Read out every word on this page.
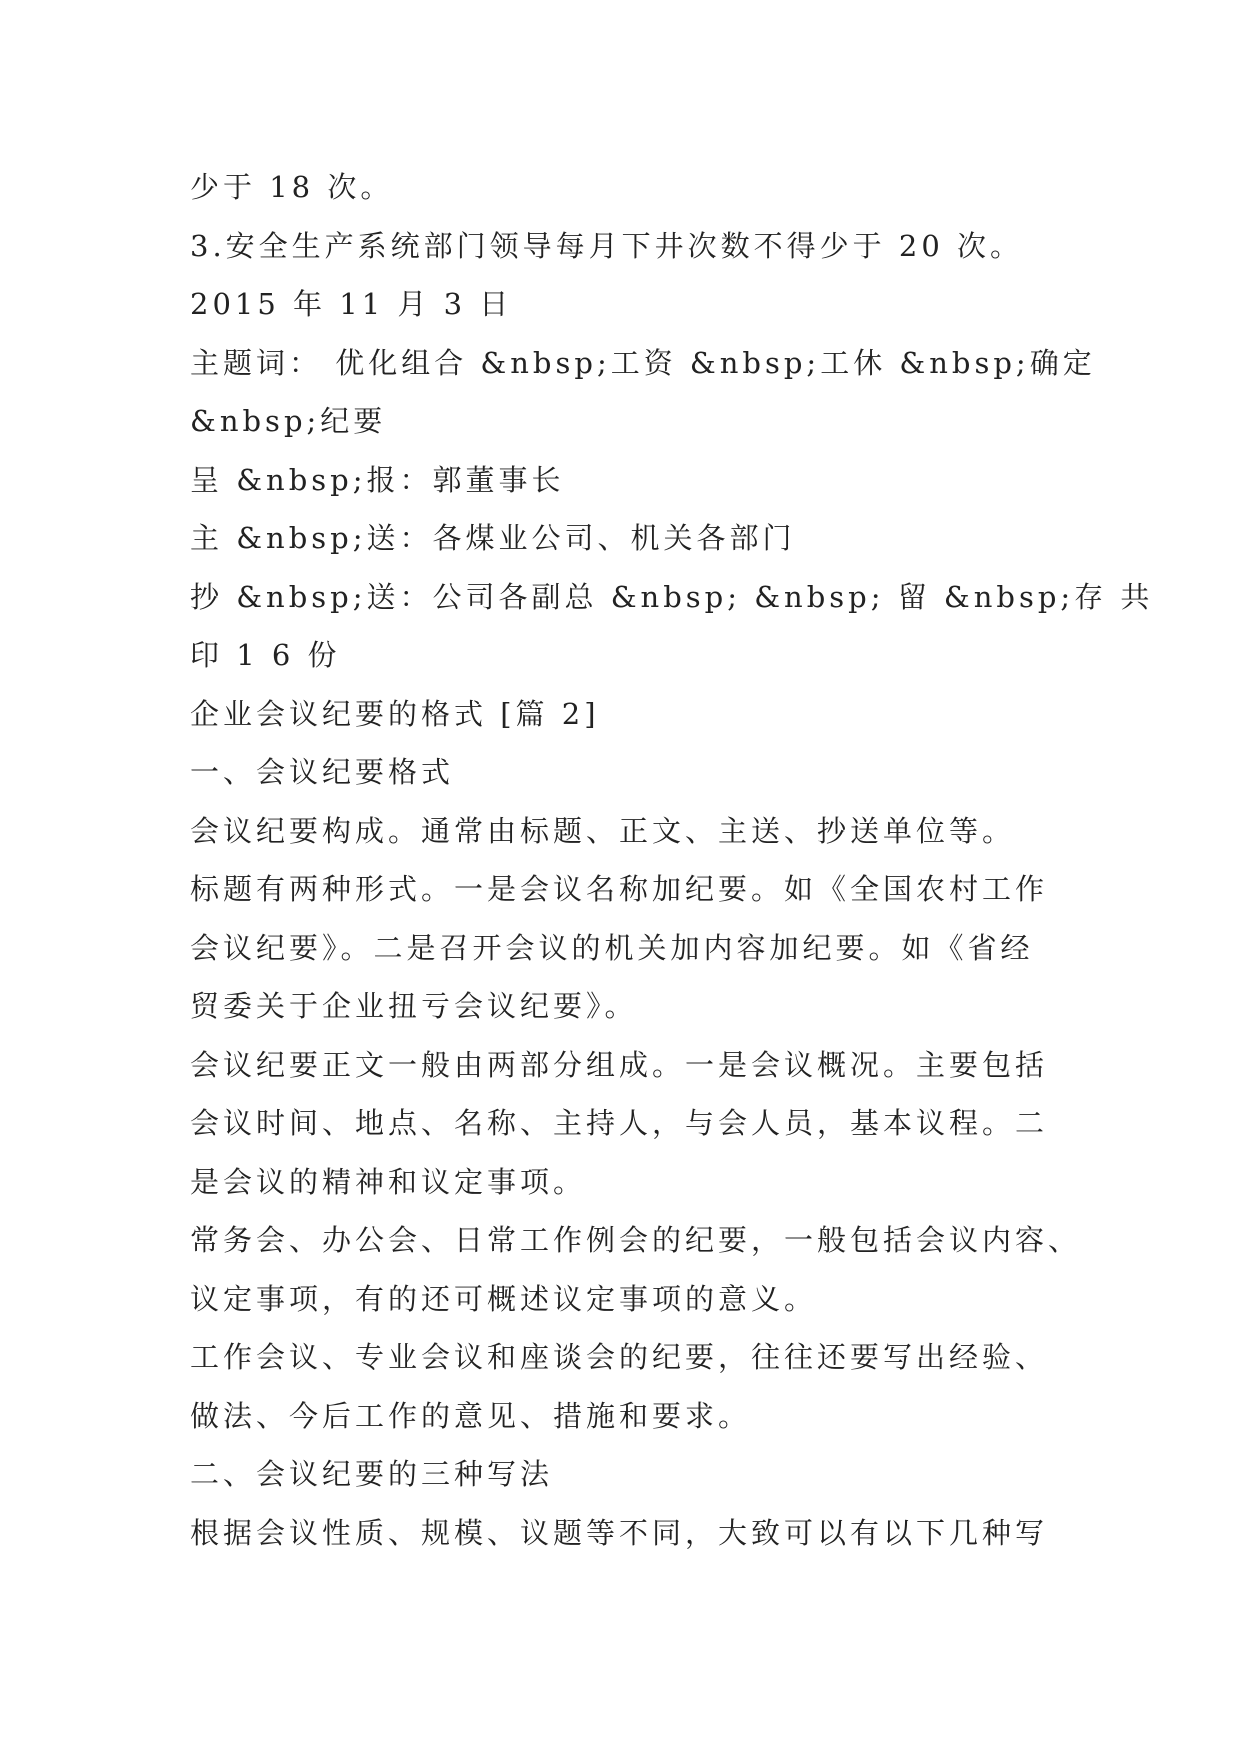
少于 18 次。

3.安全生产系统部门领导每月下井次数不得少于 20 次。

2015 年 11 月 3 日

主题词： 优化组合 &nbsp;工资 &nbsp;工休 &nbsp;确定

&nbsp;纪要

呈 &nbsp;报：郭董事长

主 &nbsp;送：各煤业公司、机关各部门

抄 &nbsp;送：公司各副总 &nbsp; &nbsp; 留 &nbsp;存 共

印 1 6 份

企业会议纪要的格式 [篇 2]

一、会议纪要格式

会议纪要构成。通常由标题、正文、主送、抄送单位等。

标题有两种形式。一是会议名称加纪要。如《全国农村工作

会议纪要》。二是召开会议的机关加内容加纪要。如《省经

贸委关于企业扭亏会议纪要》。

会议纪要正文一般由两部分组成。一是会议概况。主要包括

会议时间、地点、名称、主持人，与会人员，基本议程。二

是会议的精神和议定事项。

常务会、办公会、日常工作例会的纪要，一般包括会议内容、

议定事项，有的还可概述议定事项的意义。

工作会议、专业会议和座谈会的纪要，往往还要写出经验、

做法、今后工作的意见、措施和要求。

二、会议纪要的三种写法

根据会议性质、规模、议题等不同，大致可以有以下几种写
